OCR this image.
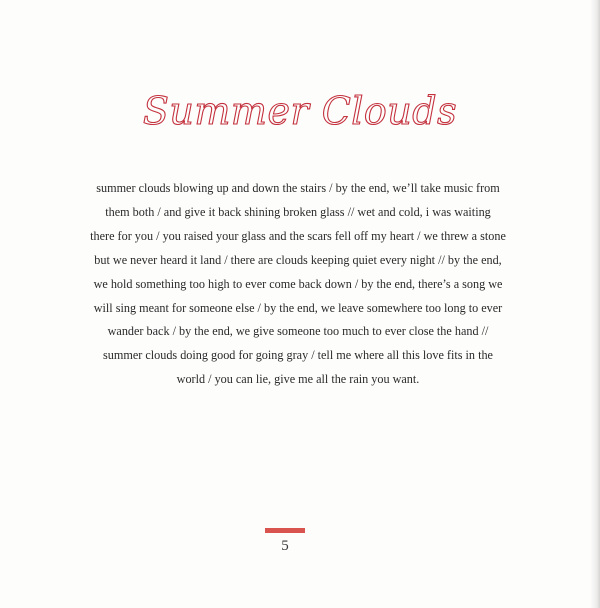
Summer Clouds

summer clouds blowing up and down the stairs / by the end, we’ll take music from
them both / and give it back shining broken glass // wet and cold, i was waiting
there for you / you raised your glass and the scars fell off my heart / we threw a stone
but we never heard it land / there are clouds keeping quiet every night // by the end,
we hold something too high to ever come back down / by the end, there’s a song we
will sing meant for someone else / by the end, we leave somewhere too long to ever
wander back / by the end, we give someone too much to ever close the hand //
summer clouds doing good for going gray / tell me where all this love fits in the
world / you can lie, give me all the rain you want.

5
